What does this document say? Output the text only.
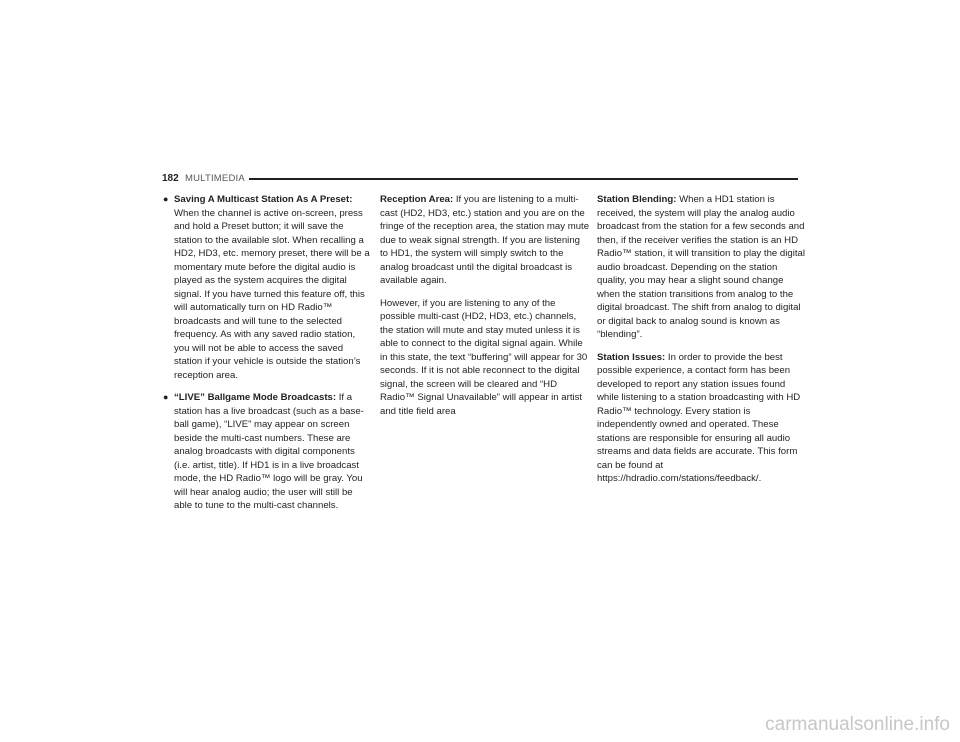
182 MULTIMEDIA
● Saving A Multicast Station As A Preset: When the channel is active on-screen, press and hold a Preset button; it will save the station to the available slot. When recalling a HD2, HD3, etc. memory preset, there will be a momentary mute before the digital audio is played as the system acquires the digital signal. If you have turned this feature off, this will automatically turn on HD Radio™ broadcasts and will tune to the selected frequency. As with any saved radio station, you will not be able to access the saved station if your vehicle is outside the station’s reception area.
● “LIVE” Ballgame Mode Broadcasts: If a station has a live broadcast (such as a base-ball game), “LIVE” may appear on screen beside the multi-cast numbers. These are analog broadcasts with digital components (i.e. artist, title). If HD1 is in a live broadcast mode, the HD Radio™ logo will be gray. You will hear analog audio; the user will still be able to tune to the multi-cast channels.

Reception Area: If you are listening to a multi-cast (HD2, HD3, etc.) station and you are on the fringe of the reception area, the station may mute due to weak signal strength. If you are listening to HD1, the system will simply switch to the analog broadcast until the digital broadcast is available again.

However, if you are listening to any of the possible multi-cast (HD2, HD3, etc.) channels, the station will mute and stay muted unless it is able to connect to the digital signal again. While in this state, the text “buffering” will appear for 30 seconds. If it is not able reconnect to the digital signal, the screen will be cleared and “HD Radio™ Signal Unavailable” will appear in artist and title field area

Station Blending: When a HD1 station is received, the system will play the analog audio broadcast from the station for a few seconds and then, if the receiver verifies the station is an HD Radio™ station, it will transition to play the digital audio broadcast. Depending on the station quality, you may hear a slight sound change when the station transitions from analog to the digital broadcast. The shift from analog to digital or digital back to analog sound is known as “blending”.

Station Issues: In order to provide the best possible experience, a contact form has been developed to report any station issues found while listening to a station broadcasting with HD Radio™ technology. Every station is independently owned and operated. These stations are responsible for ensuring all audio streams and data fields are accurate. This form can be found at https://hdradio.com/stations/feedback/.

carmanualsonline.info
